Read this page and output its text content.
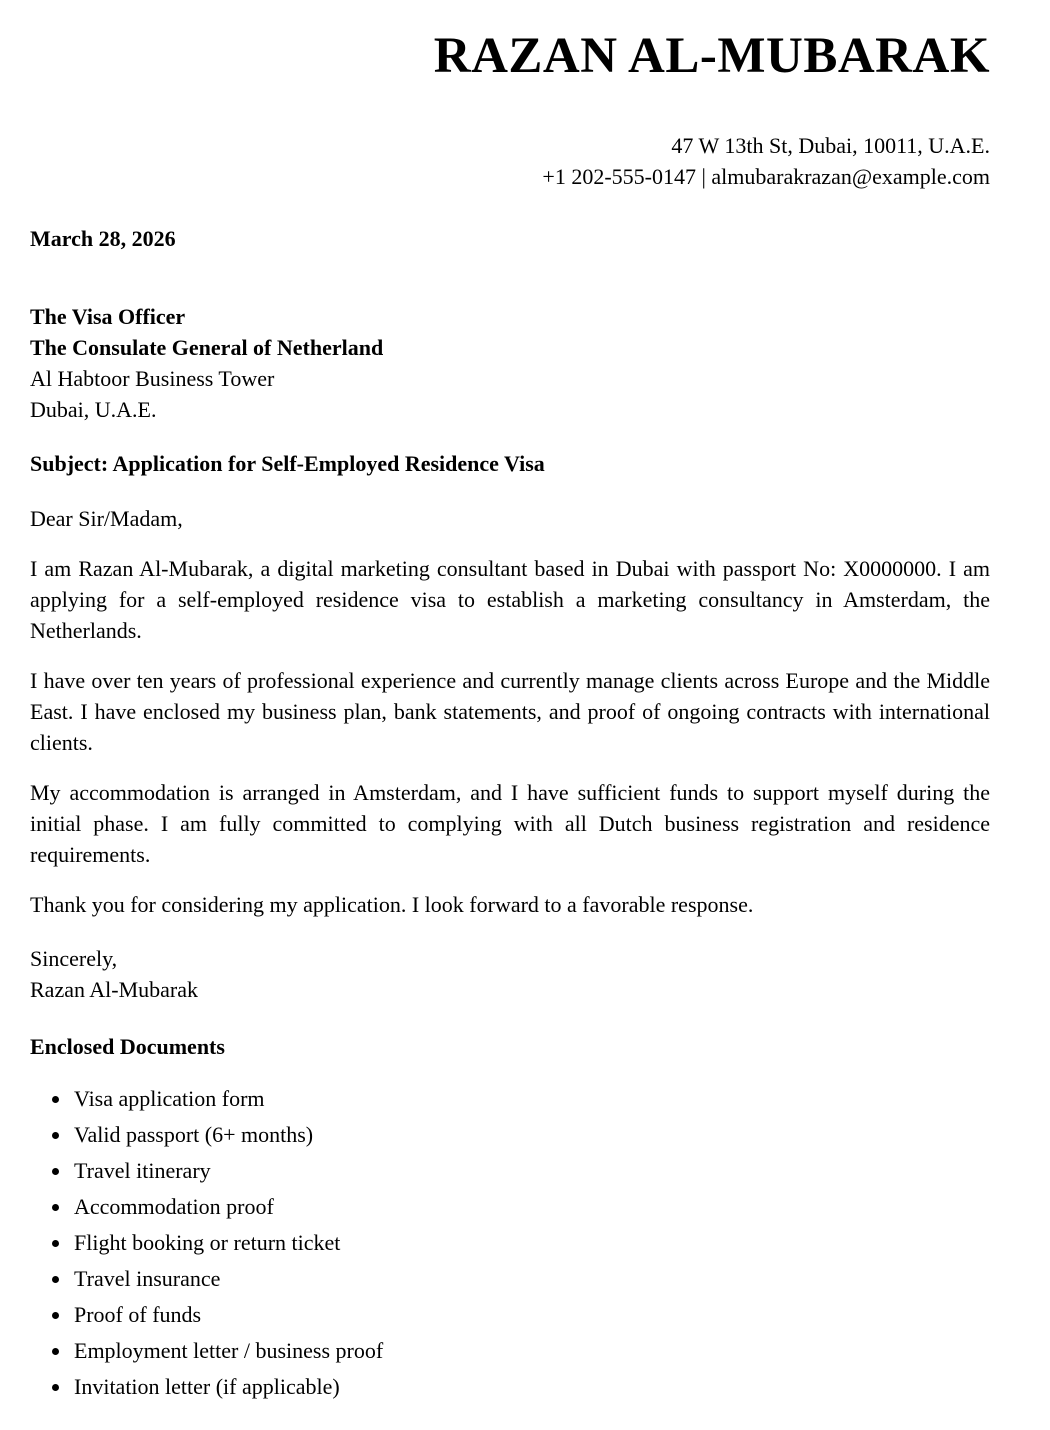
RAZAN AL-MUBARAK
47 W 13th St, Dubai, 10011, U.A.E.
+1 202-555-0147 | almubarakrazan@example.com
March 28, 2026
The Visa Officer
The Consulate General of Netherland
Al Habtoor Business Tower
Dubai, U.A.E.
Subject: Application for Self-Employed Residence Visa
Dear Sir/Madam,

I am Razan Al-Mubarak, a digital marketing consultant based in Dubai with passport No: X0000000. I am applying for a self-employed residence visa to establish a marketing consultancy in Amsterdam, the Netherlands.

I have over ten years of professional experience and currently manage clients across Europe and the Middle East. I have enclosed my business plan, bank statements, and proof of ongoing contracts with international clients.

My accommodation is arranged in Amsterdam, and I have sufficient funds to support myself during the initial phase. I am fully committed to complying with all Dutch business registration and residence requirements.

Thank you for considering my application. I look forward to a favorable response.

Sincerely,
Razan Al-Mubarak
Enclosed Documents
• Visa application form
• Valid passport (6+ months)
• Travel itinerary
• Accommodation proof
• Flight booking or return ticket
• Travel insurance
• Proof of funds
• Employment letter / business proof
• Invitation letter (if applicable)
